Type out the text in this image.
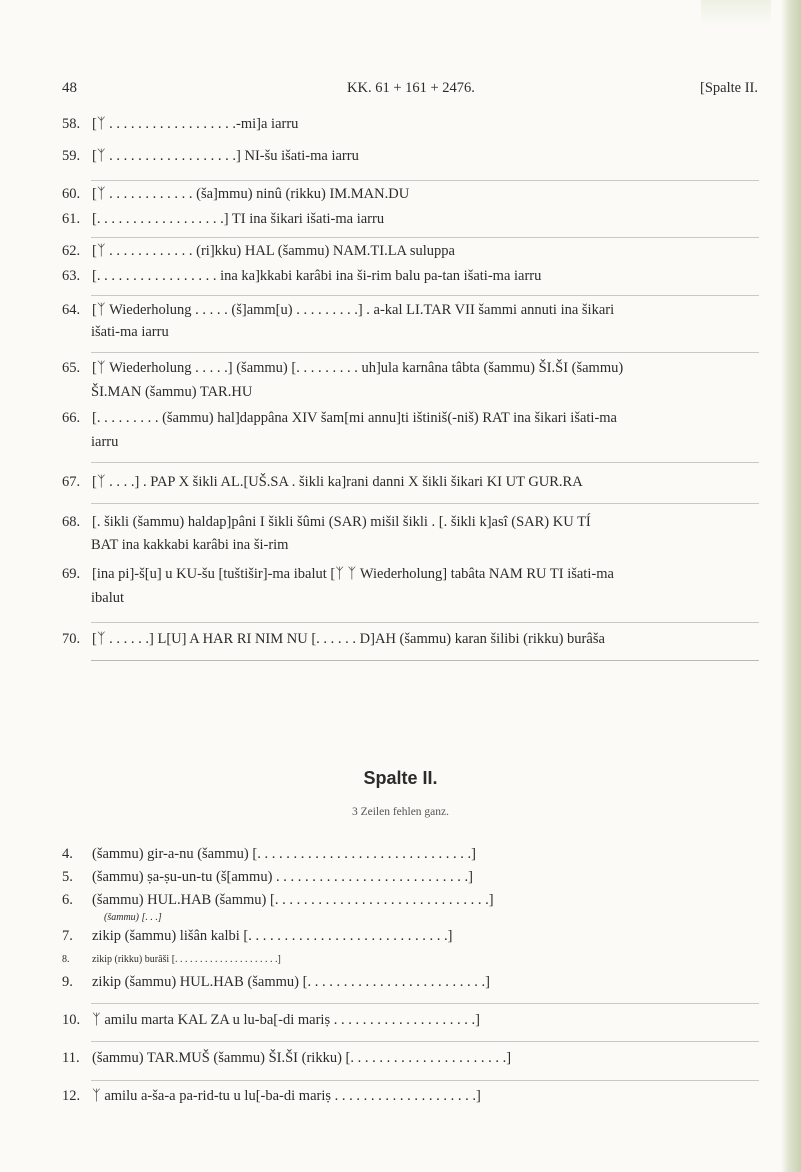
48	KK. 61 + 161 + 2476.	[Spalte II.
58. [ᛉ . . . . . . . . . . . . . . . . . .-mi]a iarru
59. [ᛉ . . . . . . . . . . . . . . . . . .] NI-šu išati-ma iarru
60. [ᛉ . . . . . . . . . . . . (ša]mmu) ninû (rikku) IM.MAN.DU
61. [. . . . . . . . . . . . . . . . . .] TI ina šikari išati-ma iarru
62. [ᛉ . . . . . . . . . . . . (ri]kku) HAL (šammu) NAM.TI.LA suluppa
63. [. . . . . . . . . . . . . . . . . ina ka]kkabi karâbi ina ši-rim balu pa-tan išati-ma iarru
64. [ᛉ Wiederholung . . . . . (š]amm[u) . . . . . . . . .] . a-kal LI.TAR VII šammi annuti ina šikari
išati-ma iarru
65. [ᛉ Wiederholung . . . . .] (šammu) [. . . . . . . . . uh]ula karnâna tâbta (šammu) ŠI.ŠI (šammu)
ŠI.MAN (šammu) TAR.HU
66. [. . . . . . . . . (šammu) hal]dappâna XIV šam[mi annu]ti ištiniš(-niš) RAT ina šikari išati-ma
iarru
67. [ᛉ . . . .] . PAP X šikli AL.[UŠ.SA . šikli ka]rani danni X šikli šikari KI UT GUR.RA
68. [. šikli (šammu) haldap]pâni I šikli šûmi (SAR) mišil šikli . [. šikli k]asî (SAR) KU TÍ
BAT ina kakkabi karâbi ina ši-rim
69. [ina pi]-š[u] u KU-šu [tuštišir]-ma ibalut [ᛉ ᛉ Wiederholung] tabâta NAM RU TI išati-ma
ibalut
70. [ᛉ . . . . . .] L[U] A HAR RI NIM NU [. . . . . . D]AH (šammu) karan šilibi (rikku) burâša
Spalte II.
3 Zeilen fehlen ganz.
4. (šammu) gir-a-nu (šammu) [. . . . . . . . . . . . . . . . . . . . . . . . . . . . . .]
5. (šammu) ṣa-ṣu-un-tu (š[ammu) . . . . . . . . . . . . . . . . . . . . . . . . . . .]
6. (šammu) HUL.HAB (šammu) [. . . . . . . . . . . . . . . . . . . . . . . . . . . . . .]
(šammu) [. . .]
7. zikip (šammu) lišân kalbi [. . . . . . . . . . . . . . . . . . . . . . . . . . . .]
8. zikip (rikku) burâši [. . . . . . . . . . . . . . . . . . . . .]
9. zikip (šammu) HUL.HAB (šammu) [. . . . . . . . . . . . . . . . . . . . . . . . .]
10. ᛉ amilu marta KAL ZA u lu-ba[-di mariṣ . . . . . . . . . . . . . . . . . . . .]
11. (šammu) TAR.MUŠ (šammu) ŠI.ŠI (rikku) [. . . . . . . . . . . . . . . . . . . . . .]
12. ᛉ amilu a-ša-a pa-rid-tu u lu[-ba-di mariṣ . . . . . . . . . . . . . . . . . . . .]
